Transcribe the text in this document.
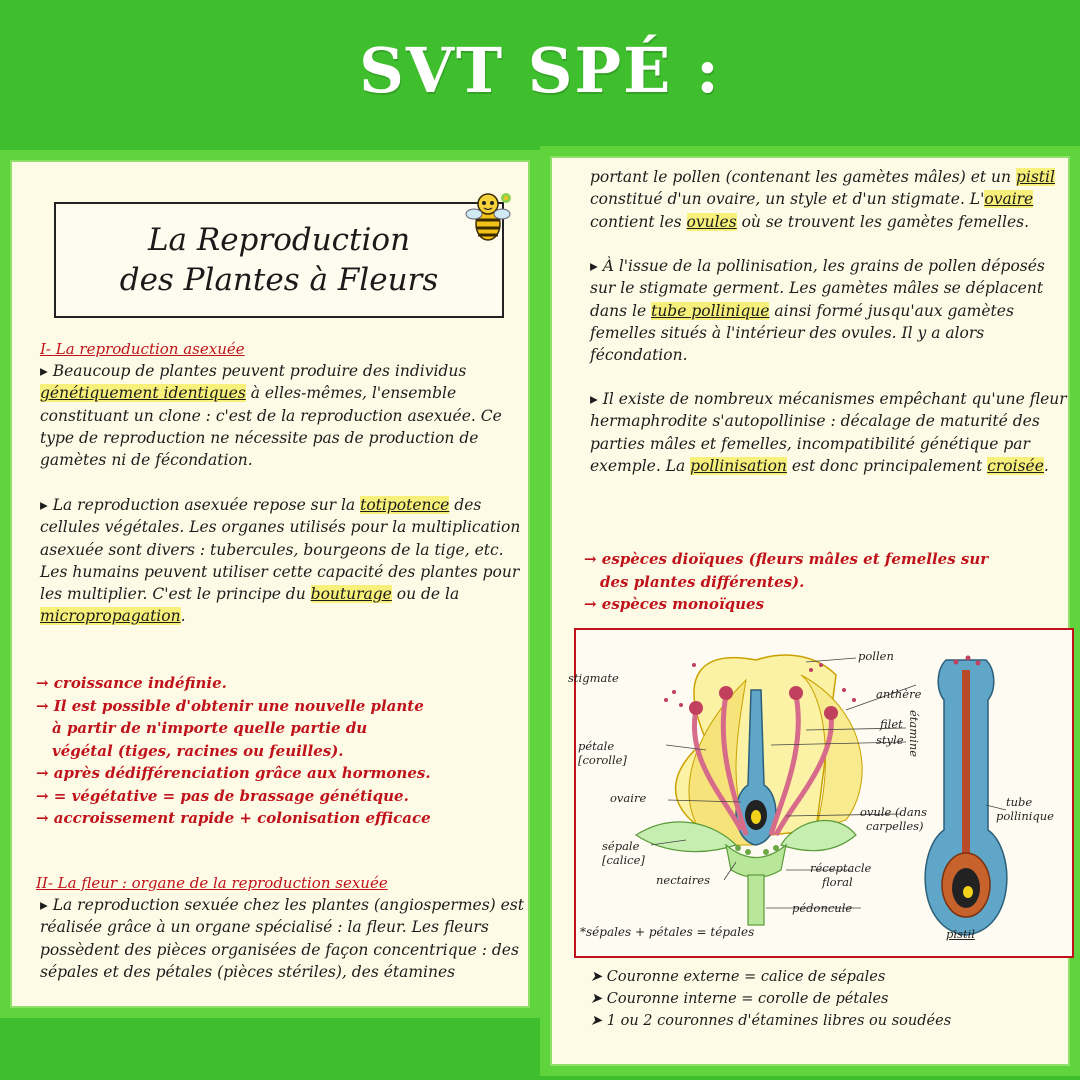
SVT SPÉ :
La Reproduction
des Plantes à Fleurs
I- La reproduction asexuée
▸ Beaucoup de plantes peuvent produire des individus génétiquement identiques à elles-mêmes, l'ensemble constituant un clone : c'est de la reproduction asexuée. Ce type de reproduction ne nécessite pas de production de gamètes ni de fécondation.
▸ La reproduction asexuée repose sur la totipotence des cellules végétales. Les organes utilisés pour la multiplication asexuée sont divers : tubercules, bourgeons de la tige, etc. Les humains peuvent utiliser cette capacité des plantes pour les multiplier. C'est le principe du bouturage ou de la micropropagation.
→ croissance indéfinie.
→ Il est possible d'obtenir une nouvelle plante
à partir de n'importe quelle partie du
végétal (tiges, racines ou feuilles).
→ après dédifférenciation grâce aux hormones.
→ = végétative = pas de brassage génétique.
→ accroissement rapide + colonisation efficace
II- La fleur : organe de la reproduction sexuée
▸ La reproduction sexuée chez les plantes (angiospermes) est réalisée grâce à un organe spécialisé : la fleur. Les fleurs possèdent des pièces organisées de façon concentrique : des sépales et des pétales (pièces stériles), des étamines
portant le pollen (contenant les gamètes mâles) et un pistil constitué d'un ovaire, un style et d'un stigmate. L'ovaire contient les ovules où se trouvent les gamètes femelles.
▸ À l'issue de la pollinisation, les grains de pollen déposés sur le stigmate germent. Les gamètes mâles se déplacent dans le tube pollinique ainsi formé jusqu'aux gamètes femelles situés à l'intérieur des ovules. Il y a alors fécondation.
▸ Il existe de nombreux mécanismes empêchant qu'une fleur hermaphrodite s'autopollinise : décalage de maturité des parties mâles et femelles, incompatibilité génétique par exemple. La pollinisation est donc principalement croisée.
→ espèces dioïques (fleurs mâles et femelles sur
des plantes différentes).
→ espèces monoïques
pollen
stigmate
anthère
étamine
filet
style
pétale
[corolle]
ovaire
ovule (dans
carpelles)
sépale
[calice]
nectaires
réceptacle
floral
pédoncule
*sépales + pétales = tépales
tube
pollinique
pistil
➤ Couronne externe = calice de sépales
➤ Couronne interne = corolle de pétales
➤ 1 ou 2 couronnes d'étamines libres ou soudées
